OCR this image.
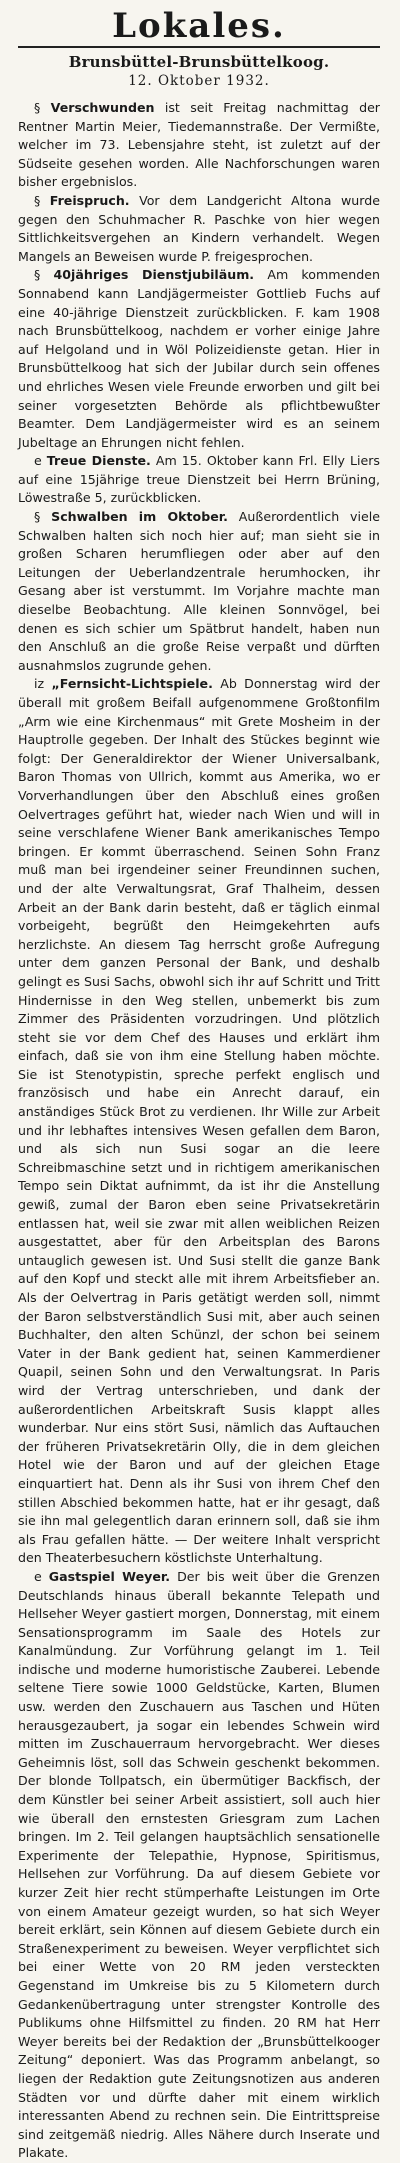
Lokales.
Brunsbüttel-Brunsbüttelkoog.
12. Oktober 1932.

§ Verschwunden ist seit Freitag nachmittag der Rentner Martin Meier, Tiedemannstraße. Der Vermißte, welcher im 73. Lebensjahre steht, ist zuletzt auf der Südseite gesehen worden. Alle Nachforschungen waren bisher ergebnislos.

§ Freispruch. Vor dem Landgericht Altona wurde gegen den Schuhmacher R. Paschke von hier wegen Sittlichkeitsvergehen an Kindern verhandelt. Wegen Mangels an Beweisen wurde P. freigesprochen.

§ 40jähriges Dienstjubiläum. Am kommenden Sonnabend kann Landjägermeister Gottlieb Fuchs auf eine 40-jährige Dienstzeit zurückblicken. F. kam 1908 nach Brunsbüttelkoog, nachdem er vorher einige Jahre auf Helgoland und in Wöl Polizeidienste getan. Hier in Brunsbüttelkoog hat sich der Jubilar durch sein offenes und ehrliches Wesen viele Freunde erworben und gilt bei seiner vorgesetzten Behörde als pflichtbewußter Beamter. Dem Landjägermeister wird es an seinem Jubeltage an Ehrungen nicht fehlen.

e Treue Dienste. Am 15. Oktober kann Frl. Elly Liers auf eine 15jährige treue Dienstzeit bei Herrn Brüning, Löwestraße 5, zurückblicken.

§ Schwalben im Oktober. Außerordentlich viele Schwalben halten sich noch hier auf; man sieht sie in großen Scharen herumfliegen oder aber auf den Leitungen der Ueberlandzentrale herumhocken, ihr Gesang aber ist verstummt. Im Vorjahre machte man dieselbe Beobachtung. Alle kleinen Sonnvögel, bei denen es sich schier um Spätbrut handelt, haben nun den Anschluß an die große Reise verpaßt und dürften ausnahmslos zugrunde gehen.

iz „Fernsicht-Lichtspiele. Ab Donnerstag wird der überall mit großem Beifall aufgenommene Großtonfilm „Arm wie eine Kirchenmaus“ mit Grete Mosheim in der Hauptrolle gegeben. Der Inhalt des Stückes beginnt wie folgt: Der Generaldirektor der Wiener Universalbank, Baron Thomas von Ullrich, kommt aus Amerika, wo er Vorverhandlungen über den Abschluß eines großen Oelvertrages geführt hat, wieder nach Wien und will in seine verschlafene Wiener Bank amerikanisches Tempo bringen. Er kommt überraschend. Seinen Sohn Franz muß man bei irgendeiner seiner Freundinnen suchen, und der alte Verwaltungsrat, Graf Thalheim, dessen Arbeit an der Bank darin besteht, daß er täglich einmal vorbeigeht, begrüßt den Heimgekehrten aufs herzlichste. An diesem Tag herrscht große Aufregung unter dem ganzen Personal der Bank, und deshalb gelingt es Susi Sachs, obwohl sich ihr auf Schritt und Tritt Hindernisse in den Weg stellen, unbemerkt bis zum Zimmer des Präsidenten vorzudringen. Und plötzlich steht sie vor dem Chef des Hauses und erklärt ihm einfach, daß sie von ihm eine Stellung haben möchte. Sie ist Stenotypistin, spreche perfekt englisch und französisch und habe ein Anrecht darauf, ein anständiges Stück Brot zu verdienen. Ihr Wille zur Arbeit und ihr lebhaftes intensives Wesen gefallen dem Baron, und als sich nun Susi sogar an die leere Schreibmaschine setzt und in richtigem amerikanischen Tempo sein Diktat aufnimmt, da ist ihr die Anstellung gewiß, zumal der Baron eben seine Privatsekretärin entlassen hat, weil sie zwar mit allen weiblichen Reizen ausgestattet, aber für den Arbeitsplan des Barons untauglich gewesen ist. Und Susi stellt die ganze Bank auf den Kopf und steckt alle mit ihrem Arbeitsfieber an. Als der Oelvertrag in Paris getätigt werden soll, nimmt der Baron selbstverständlich Susi mit, aber auch seinen Buchhalter, den alten Schünzl, der schon bei seinem Vater in der Bank gedient hat, seinen Kammerdiener Quapil, seinen Sohn und den Verwaltungsrat. In Paris wird der Vertrag unterschrieben, und dank der außerordentlichen Arbeitskraft Susis klappt alles wunderbar. Nur eins stört Susi, nämlich das Auftauchen der früheren Privatsekretärin Olly, die in dem gleichen Hotel wie der Baron und auf der gleichen Etage einquartiert hat. Denn als ihr Susi von ihrem Chef den stillen Abschied bekommen hatte, hat er ihr gesagt, daß sie ihn mal gelegentlich daran erinnern soll, daß sie ihm als Frau gefallen hätte. — Der weitere Inhalt verspricht den Theaterbesuchern köstlichste Unterhaltung.

e Gastspiel Weyer. Der bis weit über die Grenzen Deutschlands hinaus überall bekannte Telepath und Hellseher Weyer gastiert morgen, Donnerstag, mit einem Sensationsprogramm im Saale des Hotels zur Kanalmündung. Zur Vorführung gelangt im 1. Teil indische und moderne humoristische Zauberei. Lebende seltene Tiere sowie 1000 Geldstücke, Karten, Blumen usw. werden den Zuschauern aus Taschen und Hüten herausgezaubert, ja sogar ein lebendes Schwein wird mitten im Zuschauerraum hervorgebracht. Wer dieses Geheimnis löst, soll das Schwein geschenkt bekommen. Der blonde Tollpatsch, ein übermütiger Backfisch, der dem Künstler bei seiner Arbeit assistiert, soll auch hier wie überall den ernstesten Griesgram zum Lachen bringen. Im 2. Teil gelangen hauptsächlich sensationelle Experimente der Telepathie, Hypnose, Spiritismus, Hellsehen zur Vorführung. Da auf diesem Gebiete vor kurzer Zeit hier recht stümperhafte Leistungen im Orte von einem Amateur gezeigt wurden, so hat sich Weyer bereit erklärt, sein Können auf diesem Gebiete durch ein Straßenexperiment zu beweisen. Weyer verpflichtet sich bei einer Wette von 20 RM jeden versteckten Gegenstand im Umkreise bis zu 5 Kilometern durch Gedankenübertragung unter strengster Kontrolle des Publikums ohne Hilfsmittel zu finden. 20 RM hat Herr Weyer bereits bei der Redaktion der „Brunsbüttelkooger Zeitung“ deponiert. Was das Programm anbelangt, so liegen der Redaktion gute Zeitungsnotizen aus anderen Städten vor und dürfte daher mit einem wirklich interessanten Abend zu rechnen sein. Die Eintrittspreise sind zeitgemäß niedrig. Alles Nähere durch Inserate und Plakate.
